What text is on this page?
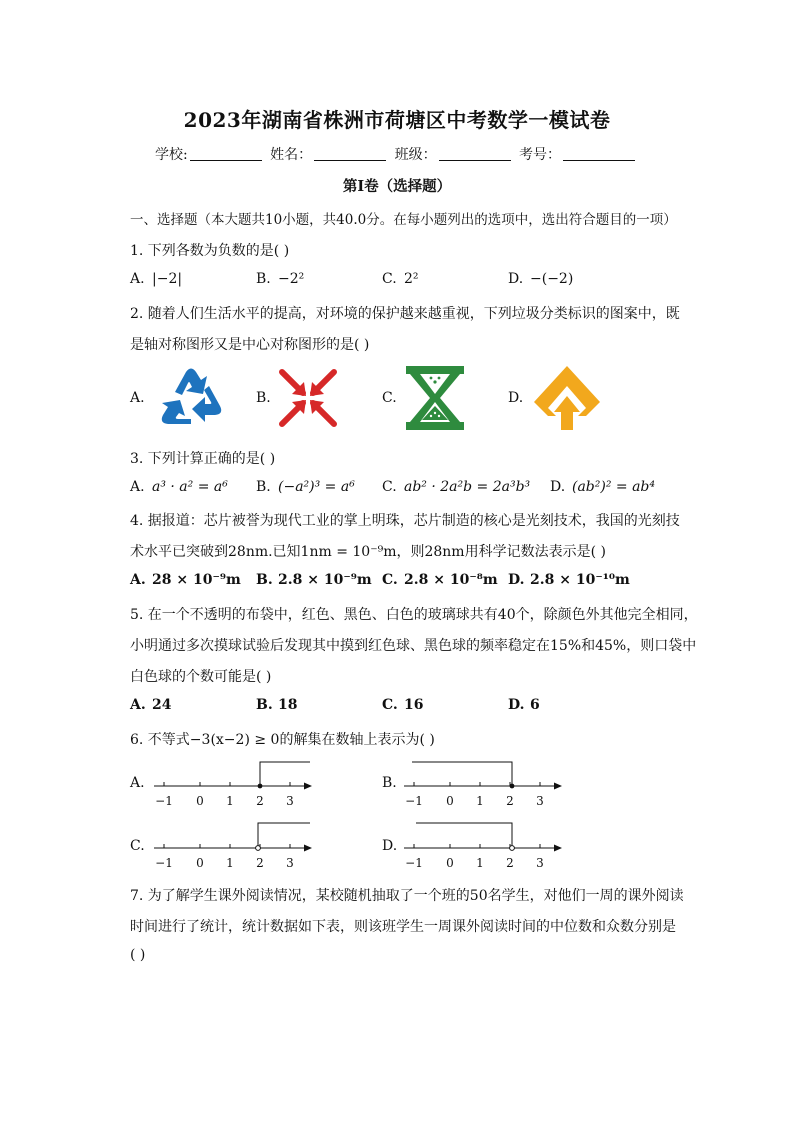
2023年湖南省株洲市荷塘区中考数学一模试卷
学校:	姓名：	班级：	考号：
第Ⅰ卷（选择题）
一、选择题（本大题共10小题，共40.0分。在每小题列出的选项中，选出符合题目的一项）
1. 下列各数为负数的是( )
A. |−2|	B. −2²	C. 2²	D. −(−2)
2. 随着人们生活水平的提高，对环境的保护越来越重视，下列垃圾分类标识的图案中，既
是轴对称图形又是中心对称图形的是( )
A.	B.	C.	D.
3. 下列计算正确的是( )
A. a³ · a² = a⁶ B. (−a²)³ = a⁶ C. ab² · 2a²b = 2a³b³ D. (ab²)² = ab⁴
4. 据报道：芯片被誉为现代工业的掌上明珠，芯片制造的核心是光刻技术，我国的光刻技
术水平已突破到28nm.已知1nm = 10⁻⁹m，则28nm用科学记数法表示是( )
A. 28 × 10⁻⁹m B. 2.8 × 10⁻⁹m C. 2.8 × 10⁻⁸m D. 2.8 × 10⁻¹⁰m
5. 在一个不透明的布袋中，红色、黑色、白色的玻璃球共有40个，除颜色外其他完全相同，
小明通过多次摸球试验后发现其中摸到红色球、黑色球的频率稳定在15%和45%，则口袋中
白色球的个数可能是( )
A. 24	B. 18	C. 16	D. 6
6. 不等式−3(x−2) ≥ 0的解集在数轴上表示为( )
A.
−1 0 1 2 3
B.
−1 0 1 2 3
C.
−1 0 1 2 3
D.
−1 0 1 2 3
7. 为了解学生课外阅读情况，某校随机抽取了一个班的50名学生，对他们一周的课外阅读
时间进行了统计，统计数据如下表，则该班学生一周课外阅读时间的中位数和众数分别是
( )
